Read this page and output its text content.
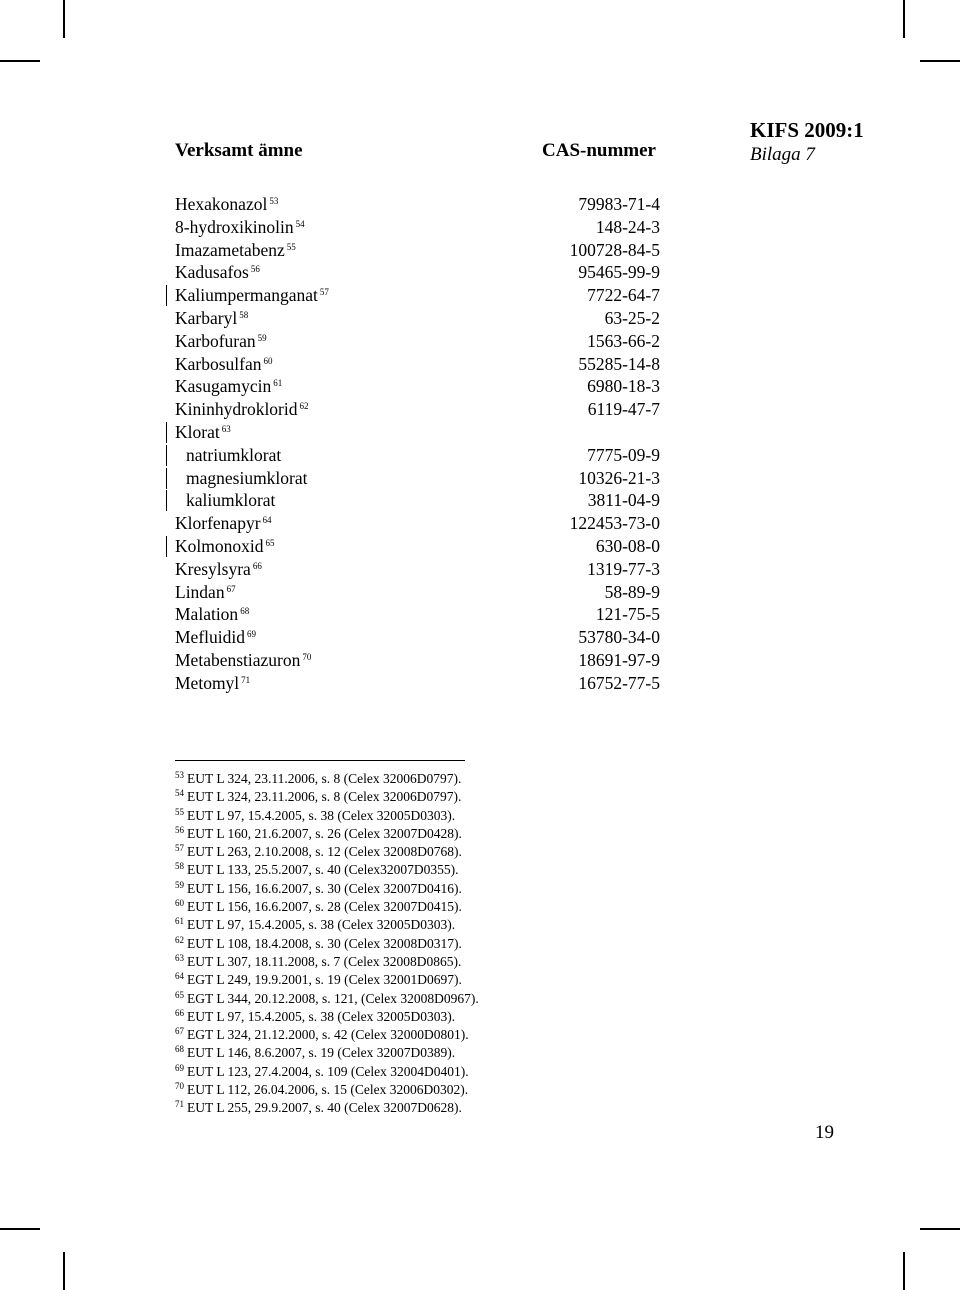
Verksamt ämne	CAS-nummer
KIFS 2009:1
Bilaga 7
Hexakonazol $^{53}$	79983-71-4
8-hydroxikinolin $^{54}$	148-24-3
Imazametabenz $^{55}$	100728-84-5
Kadusafos $^{56}$	95465-99-9
Kaliumpermanganat $^{57}$	7722-64-7
Karbaryl $^{58}$	63-25-2
Karbofuran $^{59}$	1563-66-2
Karbosulfan $^{60}$	55285-14-8
Kasugamycin $^{61}$	6980-18-3
Kininhydroklorid $^{62}$	6119-47-7
Klorat $^{63}$
natriumklorat	7775-09-9
magnesiumklorat	10326-21-3
kaliumklorat	3811-04-9
Klorfenapyr $^{64}$	122453-73-0
Kolmonoxid $^{65}$	630-08-0
Kresylsyra $^{66}$	1319-77-3
Lindan $^{67}$	58-89-9
Malation $^{68}$	121-75-5
Mefluidid $^{69}$	53780-34-0
Metabenstiazuron $^{70}$	18691-97-9
Metomyl $^{71}$	16752-77-5
$^{53}$ EUT L 324, 23.11.2006, s. 8 (Celex 32006D0797).
$^{54}$ EUT L 324, 23.11.2006, s. 8 (Celex 32006D0797).
$^{55}$ EUT L 97, 15.4.2005, s. 38 (Celex 32005D0303).
$^{56}$ EUT L 160, 21.6.2007, s. 26 (Celex 32007D0428).
$^{57}$ EUT L 263, 2.10.2008, s. 12 (Celex 32008D0768).
$^{58}$ EUT L 133, 25.5.2007, s. 40 (Celex32007D0355).
$^{59}$ EUT L 156, 16.6.2007, s. 30 (Celex 32007D0416).
$^{60}$ EUT L 156, 16.6.2007, s. 28 (Celex 32007D0415).
$^{61}$ EUT L 97, 15.4.2005, s. 38 (Celex 32005D0303).
$^{62}$ EUT L 108, 18.4.2008, s. 30 (Celex 32008D0317).
$^{63}$ EUT L 307, 18.11.2008, s. 7 (Celex 32008D0865).
$^{64}$ EGT L 249, 19.9.2001, s. 19 (Celex 32001D0697).
$^{65}$ EGT L 344, 20.12.2008, s. 121, (Celex 32008D0967).
$^{66}$ EUT L 97, 15.4.2005, s. 38 (Celex 32005D0303).
$^{67}$ EGT L 324, 21.12.2000, s. 42 (Celex 32000D0801).
$^{68}$ EUT L 146, 8.6.2007, s. 19 (Celex 32007D0389).
$^{69}$ EUT L 123, 27.4.2004, s. 109 (Celex 32004D0401).
$^{70}$ EUT L 112, 26.04.2006, s. 15 (Celex 32006D0302).
$^{71}$ EUT L 255, 29.9.2007, s. 40 (Celex 32007D0628).
19
